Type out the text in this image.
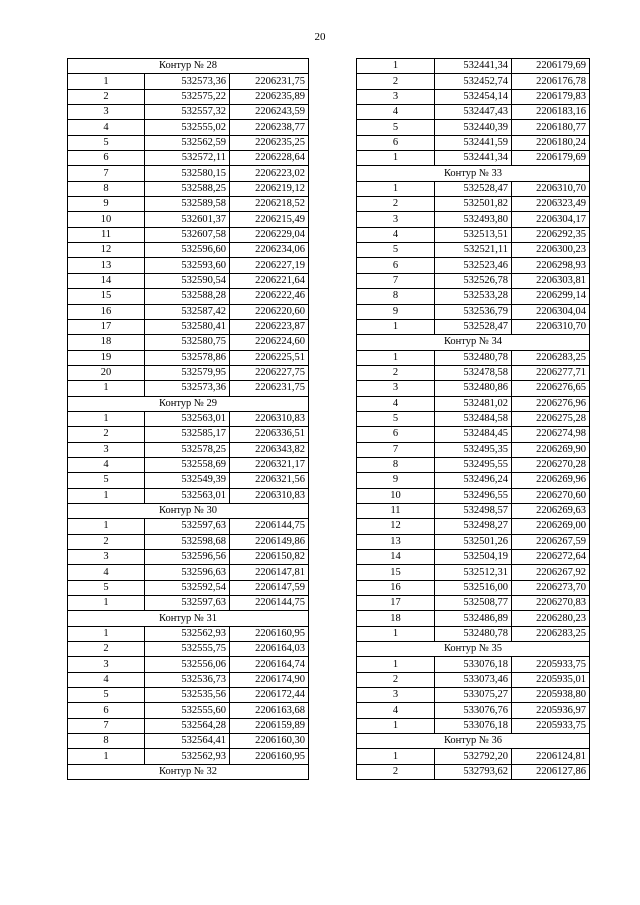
20
Контур № 28		
1	532573,36	2206231,75
2	532575,22	2206235,89
3	532557,32	2206243,59
4	532555,02	2206238,77
5	532562,59	2206235,25
6	532572,11	2206228,64
7	532580,15	2206223,02
8	532588,25	2206219,12
9	532589,58	2206218,52
10	532601,37	2206215,49
11	532607,58	2206229,04
12	532596,60	2206234,06
13	532593,60	2206227,19
14	532590,54	2206221,64
15	532588,28	2206222,46
16	532587,42	2206220,60
17	532580,41	2206223,87
18	532580,75	2206224,60
19	532578,86	2206225,51
20	532579,95	2206227,75
1	532573,36	2206231,75
Контур № 29		
1	532563,01	2206310,83
2	532585,17	2206336,51
3	532578,25	2206343,82
4	532558,69	2206321,17
5	532549,39	2206321,56
1	532563,01	2206310,83
Контур № 30		
1	532597,63	2206144,75
2	532598,68	2206149,86
3	532596,56	2206150,82
4	532596,63	2206147,81
5	532592,54	2206147,59
1	532597,63	2206144,75
Контур № 31		
1	532562,93	2206160,95
2	532555,75	2206164,03
3	532556,06	2206164,74
4	532536,73	2206174,90
5	532535,56	2206172,44
6	532555,60	2206163,68
7	532564,28	2206159,89
8	532564,41	2206160,30
1	532562,93	2206160,95
Контур № 32		
1	532441,34	2206179,69
2	532452,74	2206176,78
3	532454,14	2206179,83
4	532447,43	2206183,16
5	532440,39	2206180,77
6	532441,59	2206180,24
1	532441,34	2206179,69
Контур № 33		
1	532528,47	2206310,70
2	532501,82	2206323,49
3	532493,80	2206304,17
4	532513,51	2206292,35
5	532521,11	2206300,23
6	532523,46	2206298,93
7	532526,78	2206303,81
8	532533,28	2206299,14
9	532536,79	2206304,04
1	532528,47	2206310,70
Контур № 34		
1	532480,78	2206283,25
2	532478,58	2206277,71
3	532480,86	2206276,65
4	532481,02	2206276,96
5	532484,58	2206275,28
6	532484,45	2206274,98
7	532495,35	2206269,90
8	532495,55	2206270,28
9	532496,24	2206269,96
10	532496,55	2206270,60
11	532498,57	2206269,63
12	532498,27	2206269,00
13	532501,26	2206267,59
14	532504,19	2206272,64
15	532512,31	2206267,92
16	532516,00	2206273,70
17	532508,77	2206270,83
18	532486,89	2206280,23
1	532480,78	2206283,25
Контур № 35		
1	533076,18	2205933,75
2	533073,46	2205935,01
3	533075,27	2205938,80
4	533076,76	2205936,97
1	533076,18	2205933,75
Контур № 36		
1	532792,20	2206124,81
2	532793,62	2206127,86
